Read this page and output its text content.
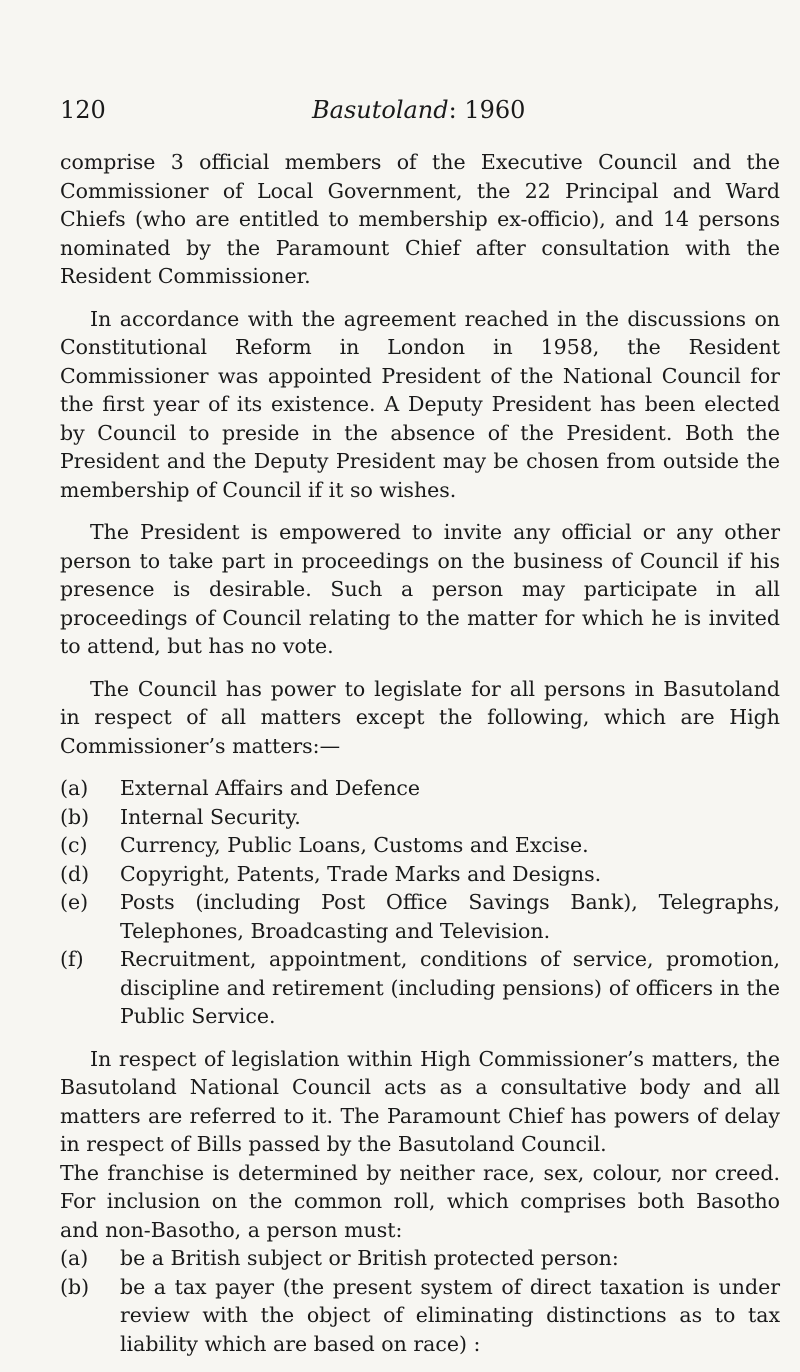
120	Basutoland: 1960

comprise 3 official members of the Executive Council and the Commissioner of Local Government, the 22 Principal and Ward Chiefs (who are entitled to membership ex-officio), and 14 persons nominated by the Paramount Chief after consultation with the Resident Commissioner.

In accordance with the agreement reached in the discussions on Constitutional Reform in London in 1958, the Resident Commissioner was appointed President of the National Council for the first year of its existence. A Deputy President has been elected by Council to preside in the absence of the President. Both the President and the Deputy President may be chosen from outside the membership of Council if it so wishes.

The President is empowered to invite any official or any other person to take part in proceedings on the business of Council if his presence is desirable. Such a person may participate in all proceedings of Council relating to the matter for which he is invited to attend, but has no vote.

The Council has power to legislate for all persons in Basutoland in respect of all matters except the following, which are High Commissioner’s matters:—

(a)	External Affairs and Defence
(b)	Internal Security.
(c)	Currency, Public Loans, Customs and Excise.
(d)	Copyright, Patents, Trade Marks and Designs.
(e)	Posts (including Post Office Savings Bank), Telegraphs, Telephones, Broadcasting and Television.
(f)	Recruitment, appointment, conditions of service, promotion, discipline and retirement (including pensions) of officers in the Public Service.

In respect of legislation within High Commissioner’s matters, the Basutoland National Council acts as a consultative body and all matters are referred to it. The Paramount Chief has powers of delay in respect of Bills passed by the Basutoland Council.

The franchise is determined by neither race, sex, colour, nor creed. For inclusion on the common roll, which comprises both Basotho and non-Basotho, a person must:

(a)	be a British subject or British protected person:
(b)	be a tax payer (the present system of direct taxation is under review with the object of eliminating distinctions as to tax liability which are based on race) :
